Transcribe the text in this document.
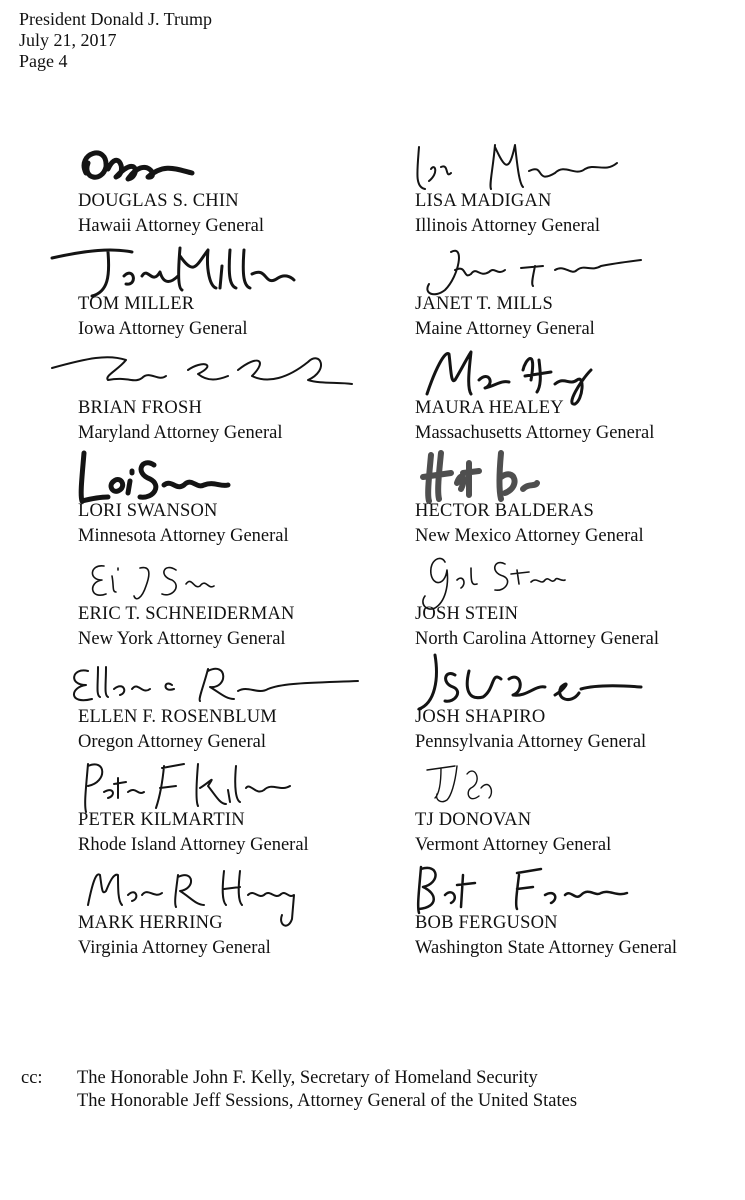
President Donald J. Trump
July 21, 2017
Page 4
DOUGLAS S. CHIN
Hawaii Attorney General
LISA MADIGAN
Illinois Attorney General
TOM MILLER
Iowa Attorney General
JANET T. MILLS
Maine Attorney General
BRIAN FROSH
Maryland Attorney General
MAURA HEALEY
Massachusetts Attorney General
LORI SWANSON
Minnesota Attorney General
HECTOR BALDERAS
New Mexico Attorney General
ERIC T. SCHNEIDERMAN
New York Attorney General
JOSH STEIN
North Carolina Attorney General
ELLEN F. ROSENBLUM
Oregon Attorney General
JOSH SHAPIRO
Pennsylvania Attorney General
PETER KILMARTIN
Rhode Island Attorney General
TJ DONOVAN
Vermont Attorney General
MARK HERRING
Virginia Attorney General
BOB FERGUSON
Washington State Attorney General
cc: The Honorable John F. Kelly, Secretary of Homeland Security
The Honorable Jeff Sessions, Attorney General of the United States
